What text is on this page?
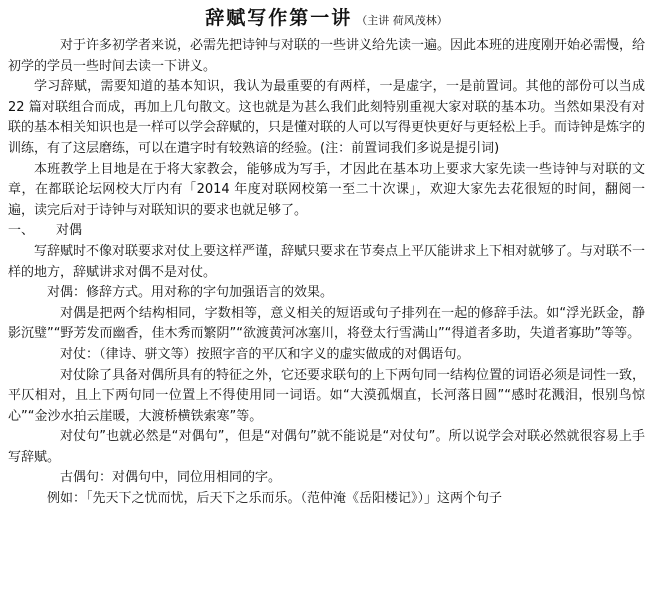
辞赋写作第一讲 （主讲 荷风茂林）

对于许多初学者来说，必需先把诗钟与对联的一些讲义给先读一遍。因此本班的进度刚开始必需慢，给初学的学员一些时间去读一下讲义。

学习辞赋，需要知道的基本知识，我认为最重要的有两样，一是虚字，一是前置词。其他的部份可以当成 22 篇对联组合而成，再加上几句散文。这也就是为甚么我们此刻特别重视大家对联的基本功。当然如果没有对联的基本相关知识也是一样可以学会辞赋的，只是懂对联的人可以写得更快更好与更轻松上手。而诗钟是炼字的训练，有了这层磨练，可以在遣字时有较熟谙的经验。(注：前置词我们多说是提引词)

本班教学上目地是在于将大家教会，能够成为写手，才因此在基本功上要求大家先读一些诗钟与对联的文章，在都联论坛网校大厅内有「2014 年度对联网校第一至二十次课」，欢迎大家先去花很短的时间，翻阅一遍，读完后对于诗钟与对联知识的要求也就足够了。

一、 对偶

写辞赋时不像对联要求对仗上要这样严谨，辞赋只要求在节奏点上平仄能讲求上下相对就够了。与对联不一样的地方，辞赋讲求对偶不是对仗。

对偶：修辞方式。用对称的字句加强语言的效果。

对偶是把两个结构相同，字数相等，意义相关的短语或句子排列在一起的修辞手法。如“浮光跃金，静影沉璧”“野芳发而幽香，佳木秀而繁阴”“欲渡黄河冰塞川，将登太行雪满山”“得道者多助，失道者寡助”等等。

对仗：（律诗、骈文等）按照字音的平仄和字义的虚实做成的对偶语句。

对仗除了具备对偶所具有的特征之外，它还要求联句的上下两句同一结构位置的词语必须是词性一致，平仄相对，且上下两句同一位置上不得使用同一词语。如“大漠孤烟直，长河落日圆”“感时花溅泪，恨别鸟惊心”“金沙水拍云崖暖，大渡桥横铁索寒”等。

对仗句”也就必然是“对偶句”，但是“对偶句”就不能说是“对仗句”。所以说学会对联必然就很容易上手写辞赋。

古偶句：对偶句中，同位用相同的字。

例如：「先天下之忧而忧，后天下之乐而乐。（范仲淹《岳阳楼记》）」这两个句子
